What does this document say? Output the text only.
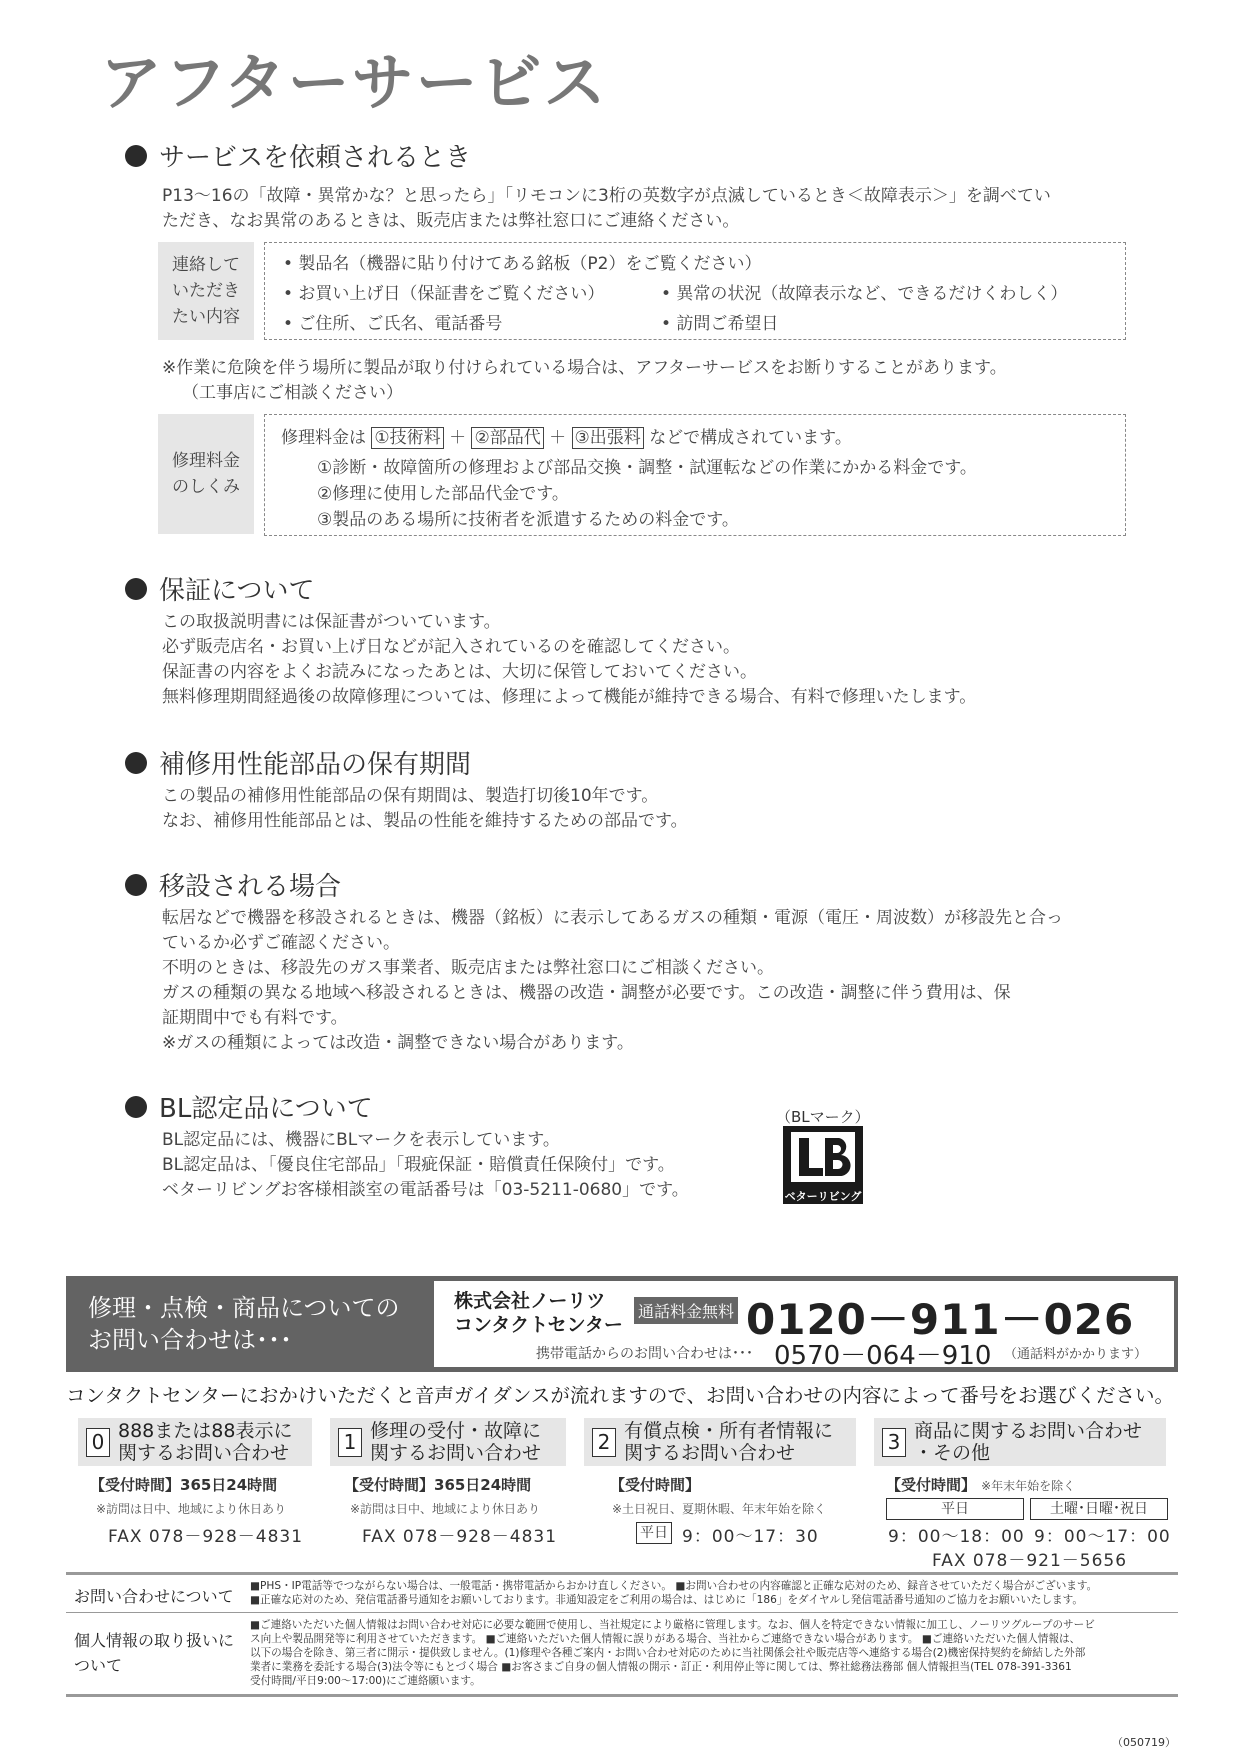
アフターサービス
サービスを依頼されるとき
P13～16の「故障・異常かな？と思ったら」「リモコンに3桁の英数字が点滅しているとき＜故障表示＞」を調べてい
ただき、なお異常のあるときは、販売店または弊社窓口にご連絡ください。
連絡して
いただき
たい内容
• 製品名（機器に貼り付けてある銘板（P2）をご覧ください）
• お買い上げ日（保証書をご覧ください）	• 異常の状況（故障表示など、できるだけくわしく）
• ご住所、ご氏名、電話番号	• 訪問ご希望日
※作業に危険を伴う場所に製品が取り付けられている場合は、アフターサービスをお断りすることがあります。
（工事店にご相談ください）
修理料金
のしくみ
修理料金は ①技術料 ＋ ②部品代 ＋ ③出張料 などで構成されています。
①診断・故障箇所の修理および部品交換・調整・試運転などの作業にかかる料金です。
②修理に使用した部品代金です。
③製品のある場所に技術者を派遣するための料金です。
保証について
この取扱説明書には保証書がついています。
必ず販売店名・お買い上げ日などが記入されているのを確認してください。
保証書の内容をよくお読みになったあとは、大切に保管しておいてください。
無料修理期間経過後の故障修理については、修理によって機能が維持できる場合、有料で修理いたします。
補修用性能部品の保有期間
この製品の補修用性能部品の保有期間は、製造打切後10年です。
なお、補修用性能部品とは、製品の性能を維持するための部品です。
移設される場合
転居などで機器を移設されるときは、機器（銘板）に表示してあるガスの種類・電源（電圧・周波数）が移設先と合っ
ているか必ずご確認ください。
不明のときは、移設先のガス事業者、販売店または弊社窓口にご相談ください。
ガスの種類の異なる地域へ移設されるときは、機器の改造・調整が必要です。この改造・調整に伴う費用は、保
証期間中でも有料です。
※ガスの種類によっては改造・調整できない場合があります。
BL認定品について
BL認定品には、機器にBLマークを表示しています。
BL認定品は、「優良住宅部品」「瑕疵保証・賠償責任保険付」です。
ベターリビングお客様相談室の電話番号は「03-5211-0680」です。
（BLマーク）
ベターリビング
修理・点検・商品についての
お問い合わせは･･･
株式会社ノーリツ
コンタクトセンター
通話料金無料 0120－911－026
携帯電話からのお問い合わせは･･･ 0570－064－910 （通話料がかかります）
コンタクトセンターにおかけいただくと音声ガイダンスが流れますので、お問い合わせの内容によって番号をお選びください。
0 888または88表示に
関するお問い合わせ
【受付時間】365日24時間
※訪問は日中、地域により休日あり
FAX 078－928－4831
1 修理の受付・故障に
関するお問い合わせ
【受付時間】365日24時間
※訪問は日中、地域により休日あり
FAX 078－928－4831
2 有償点検・所有者情報に
関するお問い合わせ
【受付時間】
※土日祝日、夏期休暇、年末年始を除く
平日 9：00～17：30
3 商品に関するお問い合わせ
・その他
【受付時間】 ※年末年始を除く
平日	土曜･日曜･祝日
9：00～18：00 9：00～17：00
FAX 078－921－5656
お問い合わせについて
■PHS・IP電話等でつながらない場合は、一般電話・携帯電話からおかけ直しください。 ■お問い合わせの内容確認と正確な応対のため、録音させていただく場合がございます。
■正確な応対のため、発信電話番号通知をお願いしております。非通知設定をご利用の場合は、はじめに「186」をダイヤルし発信電話番号通知のご協力をお願いいたします。
個人情報の取り扱いに
ついて
■ご連絡いただいた個人情報はお問い合わせ対応に必要な範囲で使用し、当社規定により厳格に管理します。なお、個人を特定できない情報に加工し、ノーリツグループのサービ
ス向上や製品開発等に利用させていただきます。 ■ご連絡いただいた個人情報に誤りがある場合、当社からご連絡できない場合があります。 ■ご連絡いただいた個人情報は、
以下の場合を除き、第三者に開示・提供致しません。(1)修理や各種ご案内・お問い合わせ対応のために当社関係会社や販売店等へ連絡する場合(2)機密保持契約を締結した外部
業者に業務を委託する場合(3)法令等にもとづく場合 ■お客さまご自身の個人情報の開示・訂正・利用停止等に関しては、弊社総務法務部 個人情報担当(TEL 078-391-3361
受付時間/平日9:00～17:00)にご連絡願います。
（050719）
